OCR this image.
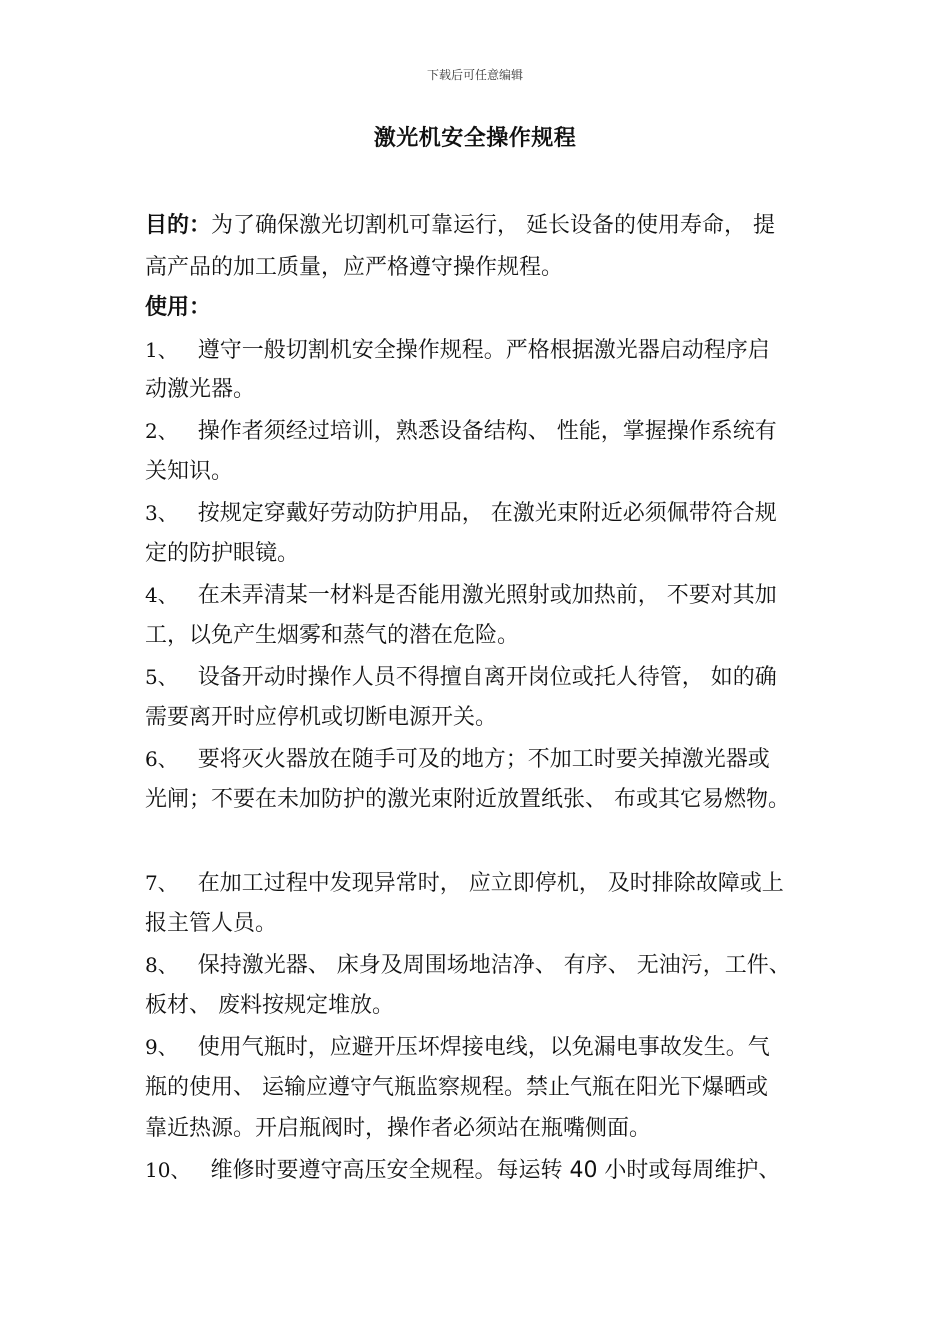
下载后可任意编辑
激光机安全操作规程
目的：为了确保激光切割机可靠运行， 延长设备的使用寿命， 提
高产品的加工质量，应严格遵守操作规程。
使用：
1、 遵守一般切割机安全操作规程。严格根据激光器启动程序启
动激光器。
2、 操作者须经过培训，熟悉设备结构、 性能，掌握操作系统有
关知识。
3、 按规定穿戴好劳动防护用品， 在激光束附近必须佩带符合规
定的防护眼镜。
4、 在未弄清某一材料是否能用激光照射或加热前， 不要对其加
工，以免产生烟雾和蒸气的潜在危险。
5、 设备开动时操作人员不得擅自离开岗位或托人待管， 如的确
需要离开时应停机或切断电源开关。
6、 要将灭火器放在随手可及的地方；不加工时要关掉激光器或
光闸；不要在未加防护的激光束附近放置纸张、 布或其它易燃物。
7、 在加工过程中发现异常时， 应立即停机， 及时排除故障或上
报主管人员。
8、 保持激光器、 床身及周围场地洁净、 有序、 无油污，工件、
板材、 废料按规定堆放。
9、 使用气瓶时，应避开压坏焊接电线，以免漏电事故发生。气
瓶的使用、 运输应遵守气瓶监察规程。禁止气瓶在阳光下爆晒或
靠近热源。开启瓶阀时，操作者必须站在瓶嘴侧面。
10、 维修时要遵守高压安全规程。每运转 40 小时或每周维护、
